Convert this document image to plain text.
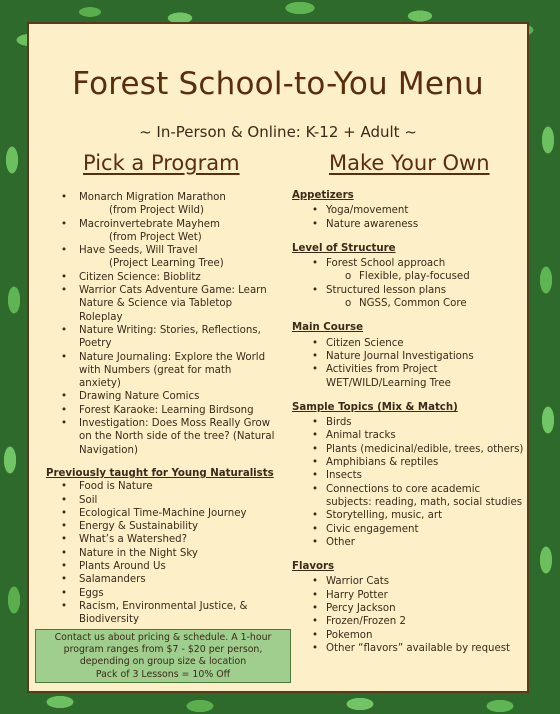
Forest School-to-You Menu
~ In-Person & Online: K-12 + Adult ~
Pick a Program	Make Your Own
•	Monarch Migration Marathon
(from Project Wild)
•	Macroinvertebrate Mayhem
(from Project Wet)
•	Have Seeds, Will Travel
(Project Learning Tree)
•	Citizen Science: Bioblitz
•	Warrior Cats Adventure Game: Learn Nature & Science via Tabletop Roleplay
•	Nature Writing: Stories, Reflections, Poetry
•	Nature Journaling: Explore the World with Numbers (great for math anxiety)
•	Drawing Nature Comics
•	Forest Karaoke: Learning Birdsong
•	Investigation: Does Moss Really Grow on the North side of the tree? (Natural Navigation)
Previously taught for Young Naturalists
•	Food is Nature
•	Soil
•	Ecological Time-Machine Journey
•	Energy & Sustainability
•	What’s a Watershed?
•	Nature in the Night Sky
•	Plants Around Us
•	Salamanders
•	Eggs
•	Racism, Environmental Justice, & Biodiversity
Appetizers
• Yoga/movement
• Nature awareness
Level of Structure
• Forest School approach
o Flexible, play-focused
• Structured lesson plans
o NGSS, Common Core
Main Course
• Citizen Science
• Nature Journal Investigations
• Activities from Project WET/WILD/Learning Tree
Sample Topics (Mix & Match)
• Birds
• Animal tracks
• Plants (medicinal/edible, trees, others)
• Amphibians & reptiles
• Insects
• Connections to core academic subjects: reading, math, social studies
• Storytelling, music, art
• Civic engagement
• Other
Flavors
• Warrior Cats
• Harry Potter
• Percy Jackson
• Frozen/Frozen 2
• Pokemon
• Other “flavors” available by request
Contact us about pricing & schedule. A 1-hour program ranges from $7 - $20 per person, depending on group size & location
Pack of 3 Lessons = 10% Off
